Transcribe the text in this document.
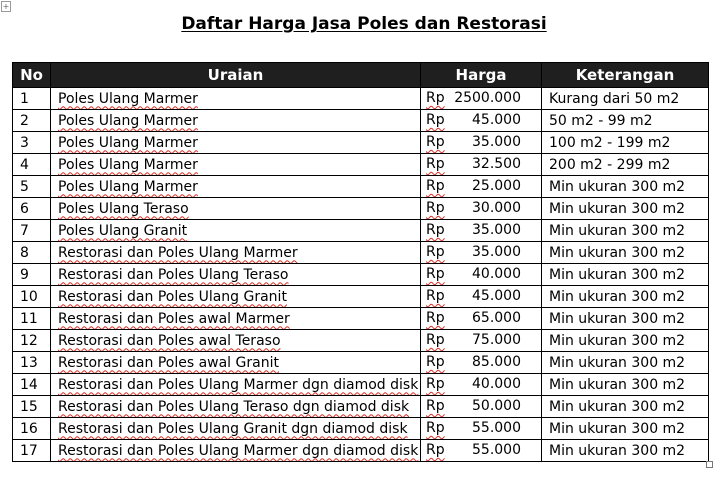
+
Daftar Harga Jasa Poles dan Restorasi
No	Uraian	Harga	Keterangan
1	Poles Ulang Marmer	Rp 2500.000	Kurang dari 50 m2
2	Poles Ulang Marmer	Rp 45.000	50 m2 - 99 m2
3	Poles Ulang Marmer	Rp 35.000	100 m2 - 199 m2
4	Poles Ulang Marmer	Rp 32.500	200 m2 - 299 m2
5	Poles Ulang Marmer	Rp 25.000	Min ukuran 300 m2
6	Poles Ulang Teraso	Rp 30.000	Min ukuran 300 m2
7	Poles Ulang Granit	Rp 35.000	Min ukuran 300 m2
8	Restorasi dan Poles Ulang Marmer	Rp 35.000	Min ukuran 300 m2
9	Restorasi dan Poles Ulang Teraso	Rp 40.000	Min ukuran 300 m2
10	Restorasi dan Poles Ulang Granit	Rp 45.000	Min ukuran 300 m2
11	Restorasi dan Poles awal Marmer	Rp 65.000	Min ukuran 300 m2
12	Restorasi dan Poles awal Teraso	Rp 75.000	Min ukuran 300 m2
13	Restorasi dan Poles awal Granit	Rp 85.000	Min ukuran 300 m2
14	Restorasi dan Poles Ulang Marmer dgn diamod disk	Rp 40.000	Min ukuran 300 m2
15	Restorasi dan Poles Ulang Teraso dgn diamod disk	Rp 50.000	Min ukuran 300 m2
16	Restorasi dan Poles Ulang Granit dgn diamod disk	Rp 55.000	Min ukuran 300 m2
17	Restorasi dan Poles Ulang Marmer dgn diamod disk	Rp 55.000	Min ukuran 300 m2
